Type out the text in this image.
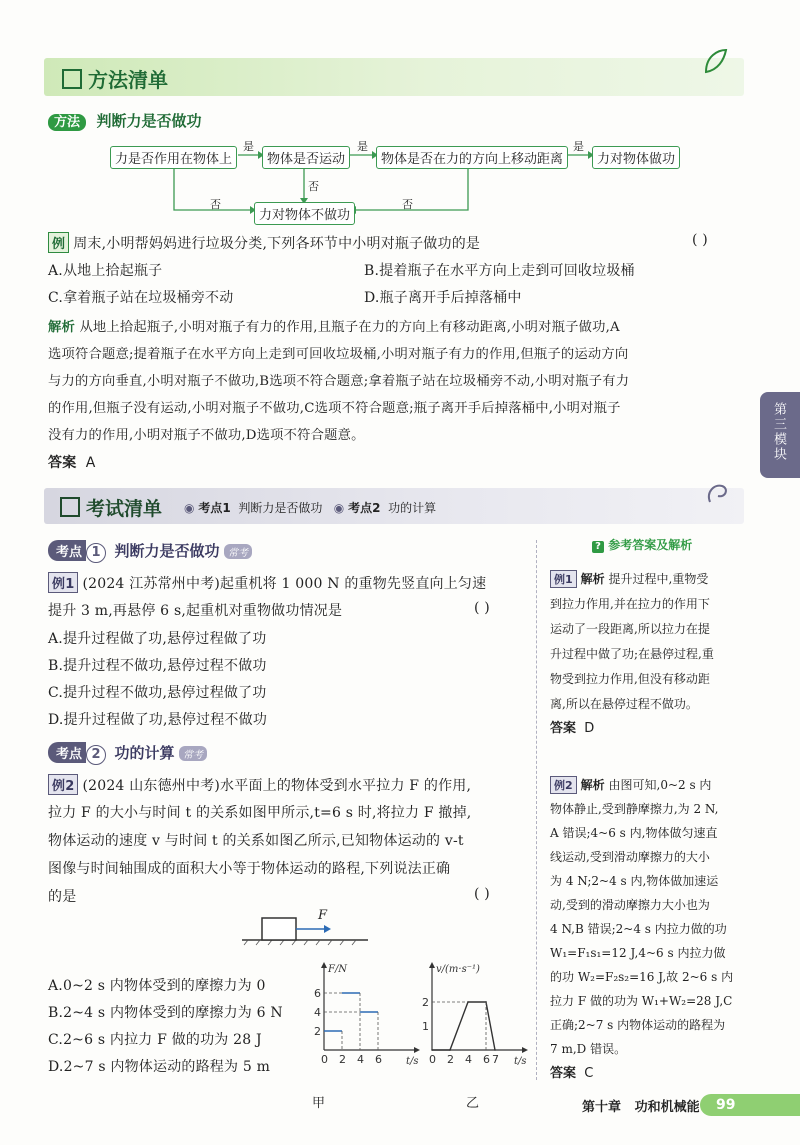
方法清单
方法 判断力是否做功
力是否作用在物体上	物体是否运动	物体是否在力的方向上移动距离	力对物体做功
力对物体不做功
是	是	是
否
否
否
例 周末,小明帮妈妈进行垃圾分类,下列各环节中小明对瓶子做功的是	( )
A.从地上拾起瓶子	B.提着瓶子在水平方向上走到可回收垃圾桶
C.拿着瓶子站在垃圾桶旁不动	D.瓶子离开手后掉落桶中
解析 从地上拾起瓶子,小明对瓶子有力的作用,且瓶子在力的方向上有移动距离,小明对瓶子做功,A
选项符合题意;提着瓶子在水平方向上走到可回收垃圾桶,小明对瓶子有力的作用,但瓶子的运动方向
与力的方向垂直,小明对瓶子不做功,B选项不符合题意;拿着瓶子站在垃圾桶旁不动,小明对瓶子有力
的作用,但瓶子没有运动,小明对瓶子不做功,C选项不符合题意;瓶子离开手后掉落桶中,小明对瓶子
没有力的作用,小明对瓶子不做功,D选项不符合题意。
答案 A
第三模块
考试清单 ◉ 考点1 判断力是否做功 ◉ 考点2 功的计算
考点 1 判断力是否做功 常考
例1 (2024 江苏常州中考)起重机将 1 000 N 的重物先竖直向上匀速
提升 3 m,再悬停 6 s,起重机对重物做功情况是	( )
A.提升过程做了功,悬停过程做了功
B.提升过程不做功,悬停过程不做功
C.提升过程不做功,悬停过程做了功
D.提升过程做了功,悬停过程不做功
考点 2 功的计算 常考
例2 (2024 山东德州中考)水平面上的物体受到水平拉力 F 的作用,
拉力 F 的大小与时间 t 的关系如图甲所示,t=6 s 时,将拉力 F 撤掉,
物体运动的速度 v 与时间 t 的关系如图乙所示,已知物体运动的 v-t
图像与时间轴围成的面积大小等于物体运动的路程,下列说法正确
的是	( )
F
A.0~2 s 内物体受到的摩擦力为 0
B.2~4 s 内物体受到的摩擦力为 6 N
C.2~6 s 内拉力 F 做的功为 28 J
D.2~7 s 内物体运动的路程为 5 m	0 2 4 6
2
4
6
t/s
F/N
甲
0 2 4 6 7
1
2
t/s
v/(m·s⁻¹)
乙
? 参考答案及解析
例1 解析 提升过程中,重物受
到拉力作用,并在拉力的作用下
运动了一段距离,所以拉力在提
升过程中做了功;在悬停过程,重
物受到拉力作用,但没有移动距
离,所以在悬停过程不做功。
答案 D
例2 解析 由图可知,0~2 s 内
物体静止,受到静摩擦力,为 2 N,
A 错误;4~6 s 内,物体做匀速直
线运动,受到滑动摩擦力的大小
为 4 N;2~4 s 内,物体做加速运
动,受到的滑动摩擦力大小也为
4 N,B 错误;2~4 s 内拉力做的功
W₁=F₁s₁=12 J,4~6 s 内拉力做
的功 W₂=F₂s₂=16 J,故 2~6 s 内
拉力 F 做的功为 W₁+W₂=28 J,C
正确;2~7 s 内物体运动的路程为
7 m,D 错误。
答案 C
第十章   功和机械能 99
